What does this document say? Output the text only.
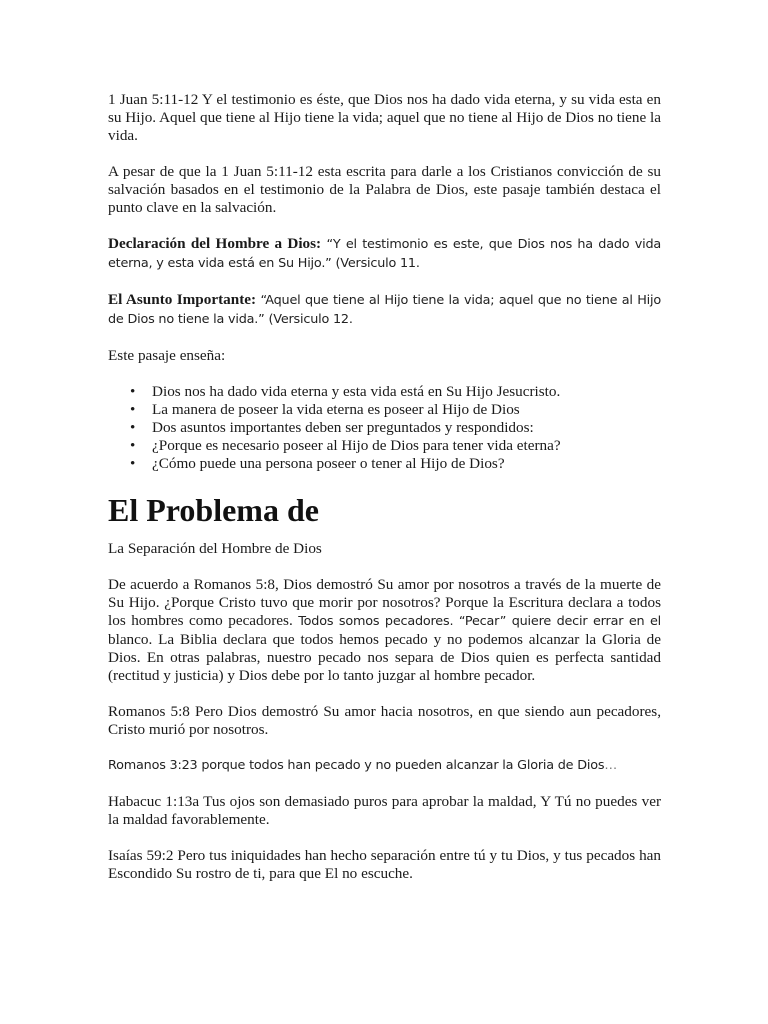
1 Juan 5:11-12 Y el testimonio es éste, que Dios nos ha dado vida eterna, y su vida esta en su Hijo. Aquel que tiene al Hijo tiene la vida; aquel que no tiene al Hijo de Dios no tiene la vida.

A pesar de que la 1 Juan 5:11-12 esta escrita para darle a los Cristianos convicción de su salvación basados en el testimonio de la Palabra de Dios, este pasaje también destaca el punto clave en la salvación.

Declaración del Hombre a Dios: “Y el testimonio es este, que Dios nos ha dado vida eterna, y esta vida está en Su Hijo.” (Versiculo 11.

El Asunto Importante: “Aquel que tiene al Hijo tiene la vida; aquel que no tiene al Hijo de Dios no tiene la vida.” (Versiculo 12.

Este pasaje enseña:

• Dios nos ha dado vida eterna y esta vida está en Su Hijo Jesucristo.
• La manera de poseer la vida eterna es poseer al Hijo de Dios
• Dos asuntos importantes deben ser preguntados y respondidos:
• ¿Porque es necesario poseer al Hijo de Dios para tener vida eterna?
• ¿Cómo puede una persona poseer o tener al Hijo de Dios?
El Problema de

La Separación del Hombre de Dios

De acuerdo a Romanos 5:8, Dios demostró Su amor por nosotros a través de la muerte de Su Hijo. ¿Porque Cristo tuvo que morir por nosotros? Porque la Escritura declara a todos los hombres como pecadores. Todos somos pecadores. “Pecar” quiere decir errar en el blanco. La Biblia declara que todos hemos pecado y no podemos alcanzar la Gloria de Dios. En otras palabras, nuestro pecado nos separa de Dios quien es perfecta santidad (rectitud y justicia) y Dios debe por lo tanto juzgar al hombre pecador.

Romanos 5:8 Pero Dios demostró Su amor hacia nosotros, en que siendo aun pecadores, Cristo murió por nosotros.

Romanos 3:23 porque todos han pecado y no pueden alcanzar la Gloria de Dios…

Habacuc 1:13a Tus ojos son demasiado puros para aprobar la maldad, Y Tú no puedes ver la maldad favorablemente.

Isaías 59:2 Pero tus iniquidades han hecho separación entre tú y tu Dios, y tus pecados han Escondido Su rostro de ti, para que El no escuche.
